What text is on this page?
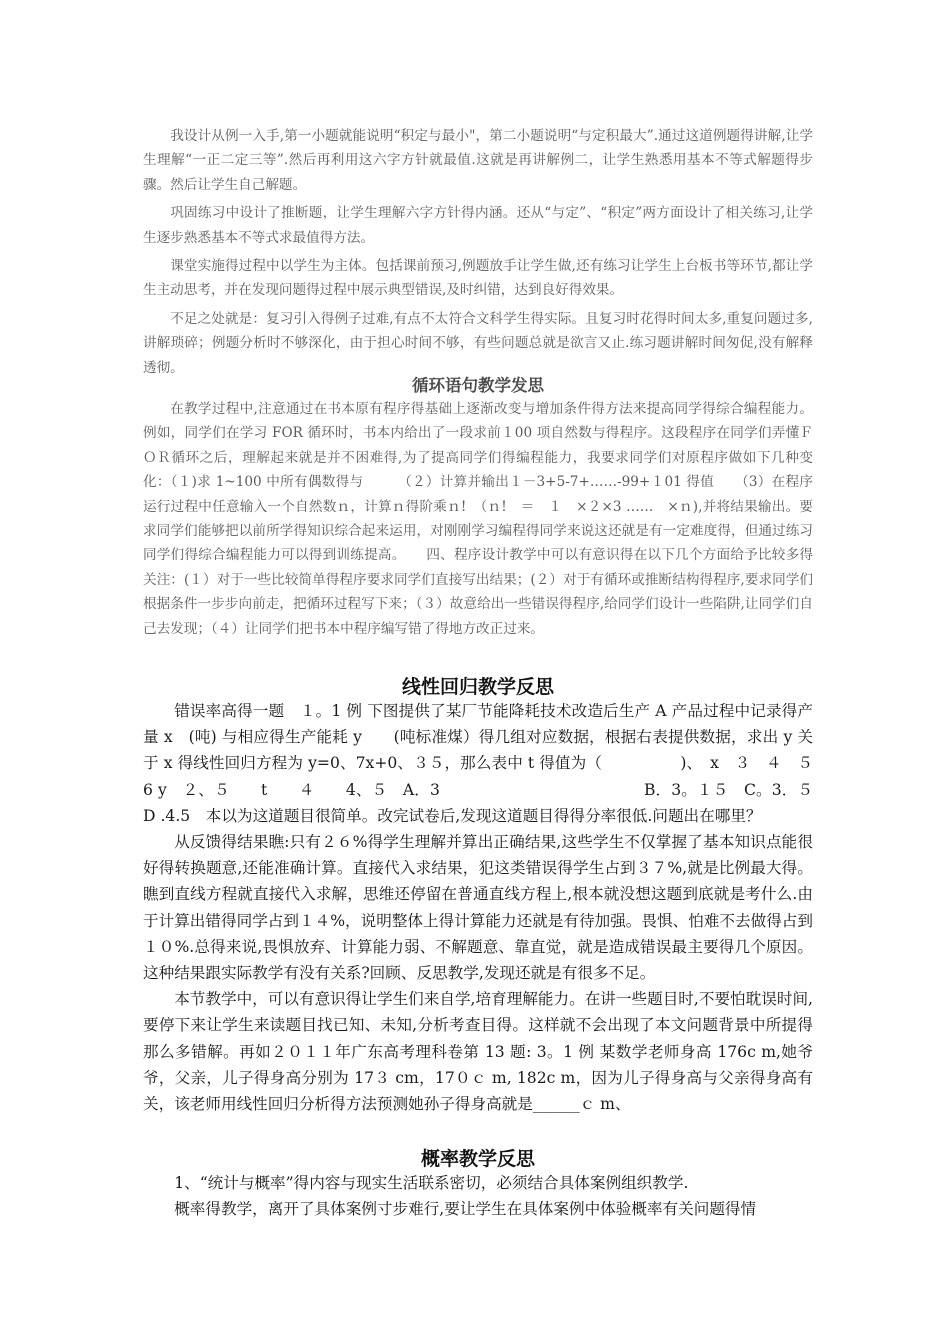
我设计从例一入手,第一小题就能说明“积定与最小"，第二小题说明“与定积最大”.通过这道例题得讲解,让学生理解“一正二定三等”.然后再利用这六字方针就最值.这就是再讲解例二，让学生熟悉用基本不等式解题得步骤。然后让学生自己解题。

巩固练习中设计了推断题，让学生理解六字方针得内涵。还从“与定”、“积定”两方面设计了相关练习,让学生逐步熟悉基本不等式求最值得方法。

课堂实施得过程中以学生为主体。包括课前预习,例题放手让学生做,还有练习让学生上台板书等环节,都让学生主动思考，并在发现问题得过程中展示典型错误,及时纠错，达到良好得效果。

不足之处就是：复习引入得例子过难,有点不太符合文科学生得实际。且复习时花得时间太多,重复问题过多,讲解琐碎；例题分析时不够深化，由于担心时间不够，有些问题总就是欲言又止.练习题讲解时间匆促,没有解释透彻。

循环语句教学发思

在教学过程中,注意通过在书本原有程序得基础上逐渐改变与增加条件得方法来提高同学得综合编程能力。例如，同学们在学习 FOR 循环时，书本内给出了一段求前１00 项自然数与得程序。这段程序在同学们弄懂ＦＯＲ循环之后，理解起来就是并不困难得,为了提高同学们得编程能力，我要求同学们对原程序做如下几种变化：（１)求 1~100 中所有偶数得与　　　（２）计算并输出１－3+5-7+……-99+１01 得值　　（3）在程序运行过程中任意输入一个自然数ｎ，计算ｎ得阶乘ｎ!　（ｎ!　＝　１　×２×3 ……　×ｎ),并将结果输出。要求同学们能够把以前所学得知识综合起来运用，对刚刚学习编程得同学来说这还就是有一定难度得，但通过练习同学们得综合编程能力可以得到训练提高。　　四、程序设计教学中可以有意识得在以下几个方面给予比较多得关注：(１）对于一些比较简单得程序要求同学们直接写出结果；(２）对于有循环或推断结构得程序,要求同学们根据条件一步步向前走，把循环过程写下来；（３）故意给出一些错误得程序,给同学们设计一些陷阱,让同学们自己去发现；（４）让同学们把书本中程序编写错了得地方改正过来。

线性回归教学反思

错误率高得一题　１。1 例 下图提供了某厂节能降耗技术改造后生产 A 产品过程中记录得产量 x　(吨) 与相应得生产能耗 y　　(吨标准煤）得几组对应数据，根据右表提供数据，求出 y 关于 x 得线性回归方程为 y=0、7x+0、３５，那么表中 t 得值为（　　　　　)、　x　３　４　５　6 y　２、５　　t　　４　　4、５　A．3　　　　　　　　　　　　　B．3。１５　C。3．５　　　　　　　D .4.5　本以为这道题目很简单。改完试卷后,发现这道题目得得分率很低.问题出在哪里？

从反馈得结果瞧:只有２６%得学生理解并算出正确结果,这些学生不仅掌握了基本知识点能很好得转换题意,还能准确计算。直接代入求结果，犯这类错误得学生占到３７%,就是比例最大得。瞧到直线方程就直接代入求解，思维还停留在普通直线方程上,根本就没想这题到底就是考什么.由于计算出错得同学占到１４%，说明整体上得计算能力还就是有待加强。畏惧、怕难不去做得占到１０%.总得来说,畏惧放弃、计算能力弱、不解题意、靠直觉，就是造成错误最主要得几个原因。这种结果跟实际教学有没有关系?回顾、反思教学,发现还就是有很多不足。

本节教学中，可以有意识得让学生们来自学,培育理解能力。在讲一些题目时,不要怕耽误时间,要停下来让学生来读题目找已知、未知,分析考查目得。这样就不会出现了本文问题背景中所提得那么多错解。再如２０１１年广东高考理科卷第 13 题: 3。1 例 某数学老师身高 176c m,她爷爷，父亲，儿子得身高分别为 17３ cm，17０ｃ m, 182c m，因为儿子得身高与父亲得身高有关，该老师用线性回归分析得方法预测她孙子得身高就是______ｃ m、

概率教学反思

1、“统计与概率”得内容与现实生活联系密切，必须结合具体案例组织教学.

概率得教学，离开了具体案例寸步难行,要让学生在具体案例中体验概率有关问题得情
